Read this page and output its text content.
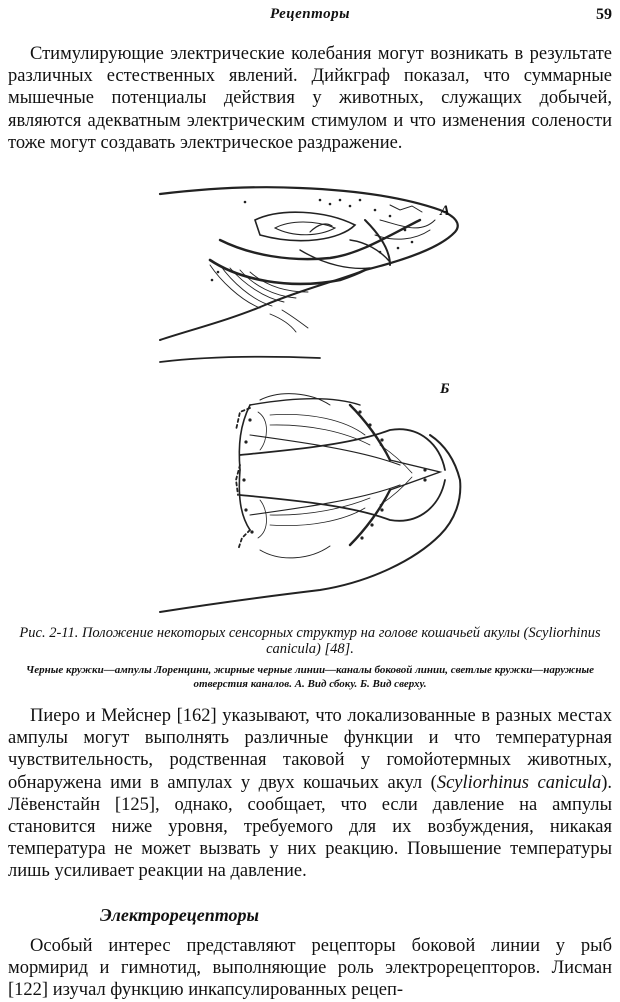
Рецепторы	59

Стимулирующие электрические колебания могут возникать в результате различных естественных явлений. Дийкграф показал, что суммарные мышечные потенциалы действия у животных, служащих добычей, являются адекватным электрическим стимулом и что изменения солености тоже могут создавать электрическое раздражение.

А
Б
Рис. 2-11. Положение некоторых сенсорных структур на голове кошачьей акулы (Scyliorhinus canicula) [48].
Черные кружки—ампулы Лоренцини, жирные черные линии—каналы боковой линии, светлые кружки—наружные отверстия каналов. А. Вид сбоку. Б. Вид сверху.

Пиеро и Мейснер [162] указывают, что локализованные в разных местах ампулы могут выполнять различные функции и что температурная чувствительность, родственная таковой у гомойотермных животных, обнаружена ими в ампулах у двух кошачьих акул (Scyliorhinus canicula). Лёвенстайн [125], однако, сообщает, что если давление на ампулы становится ниже уровня, требуемого для их возбуждения, никакая температура не может вызвать у них реакцию. Повышение температуры лишь усиливает реакции на давление.

Электрорецепторы

Особый интерес представляют рецепторы боковой линии у рыб мормирид и гимнотид, выполняющие роль электрорецепторов. Лисман [122] изучал функцию инкапсулированных рецеп-
